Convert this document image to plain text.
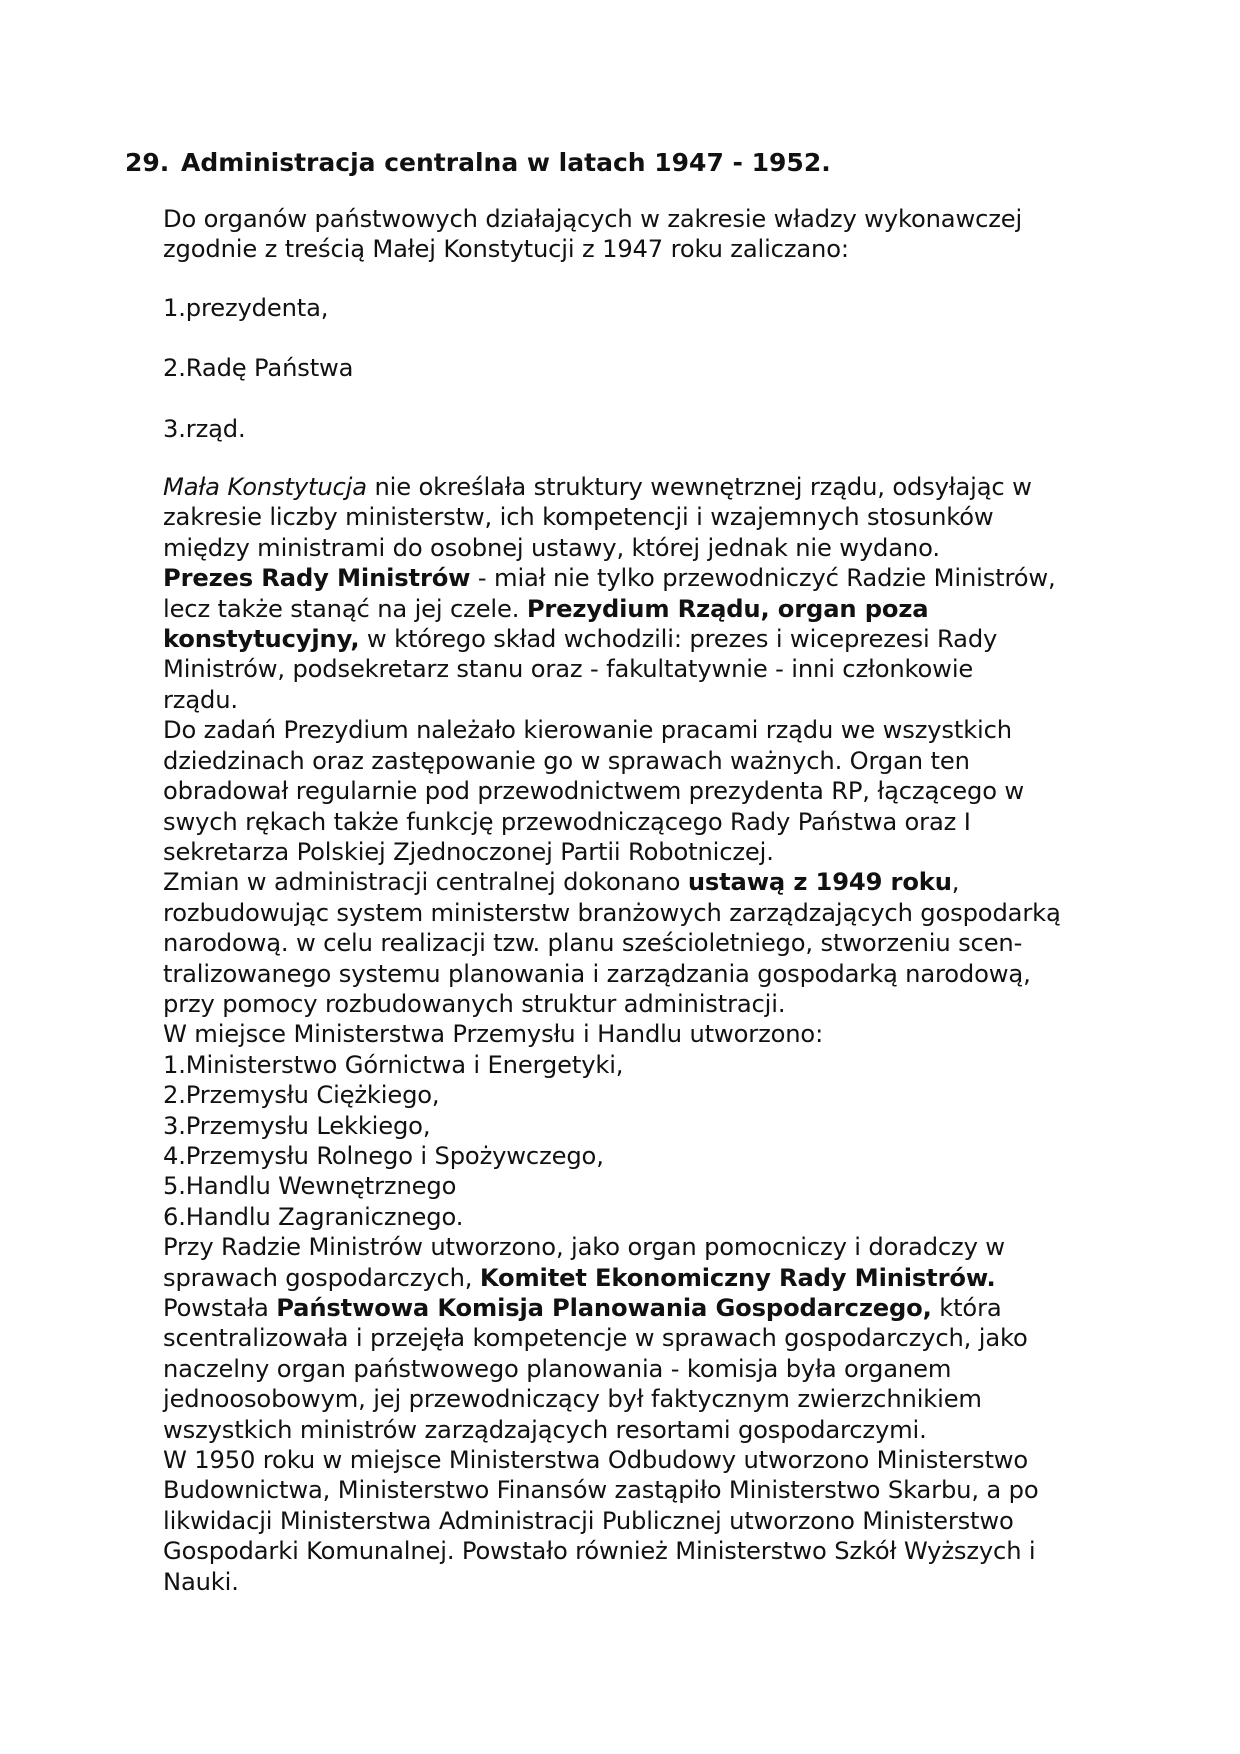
29. Administracja centralna w latach 1947 - 1952.

Do organów państwowych działających w zakresie władzy wykonawczej
zgodnie z treścią Małej Konstytucji z 1947 roku zaliczano:

1.prezydenta,

2.Radę Państwa

3.rząd.

Mała Konstytucja nie określała struktury wewnętrznej rządu, odsyłając w
zakresie liczby ministerstw, ich kompetencji i wzajemnych stosunków
między ministrami do osobnej ustawy, której jednak nie wydano.

Prezes Rady Ministrów - miał nie tylko przewodniczyć Radzie Ministrów,
lecz także stanąć na jej czele. Prezydium Rządu, organ poza
konstytucyjny, w którego skład wchodzili: prezes i wiceprezesi Rady
Ministrów, podsekretarz stanu oraz - fakultatywnie - inni członkowie
rządu.

Do zadań Prezydium należało kierowanie pracami rządu we wszystkich
dziedzinach oraz zastępowanie go w sprawach ważnych. Organ ten
obradował regularnie pod przewodnictwem prezydenta RP, łączącego w
swych rękach także funkcję przewodniczącego Rady Państwa oraz I
sekretarza Polskiej Zjednoczonej Partii Robotniczej.

Zmian w administracji centralnej dokonano ustawą z 1949 roku,
rozbudowując system ministerstw branżowych zarządzających gospodarką
narodową. w celu realizacji tzw. planu sześcioletniego, stworzeniu scen-
tralizowanego systemu planowania i zarządzania gospodarką narodową,
przy pomocy rozbudowanych struktur administracji.

W miejsce Ministerstwa Przemysłu i Handlu utworzono:
1.Ministerstwo Górnictwa i Energetyki,
2.Przemysłu Ciężkiego,
3.Przemysłu Lekkiego,
4.Przemysłu Rolnego i Spożywczego,
5.Handlu Wewnętrznego
6.Handlu Zagranicznego.

Przy Radzie Ministrów utworzono, jako organ pomocniczy i doradczy w
sprawach gospodarczych, Komitet Ekonomiczny Rady Ministrów.

Powstała Państwowa Komisja Planowania Gospodarczego, która
scentralizowała i przejęła kompetencje w sprawach gospodarczych, jako
naczelny organ państwowego planowania - komisja była organem
jednoosobowym, jej przewodniczący był faktycznym zwierzchnikiem
wszystkich ministrów zarządzających resortami gospodarczymi.

W 1950 roku w miejsce Ministerstwa Odbudowy utworzono Ministerstwo
Budownictwa, Ministerstwo Finansów zastąpiło Ministerstwo Skarbu, a po
likwidacji Ministerstwa Administracji Publicznej utworzono Ministerstwo
Gospodarki Komunalnej. Powstało również Ministerstwo Szkół Wyższych i
Nauki.
